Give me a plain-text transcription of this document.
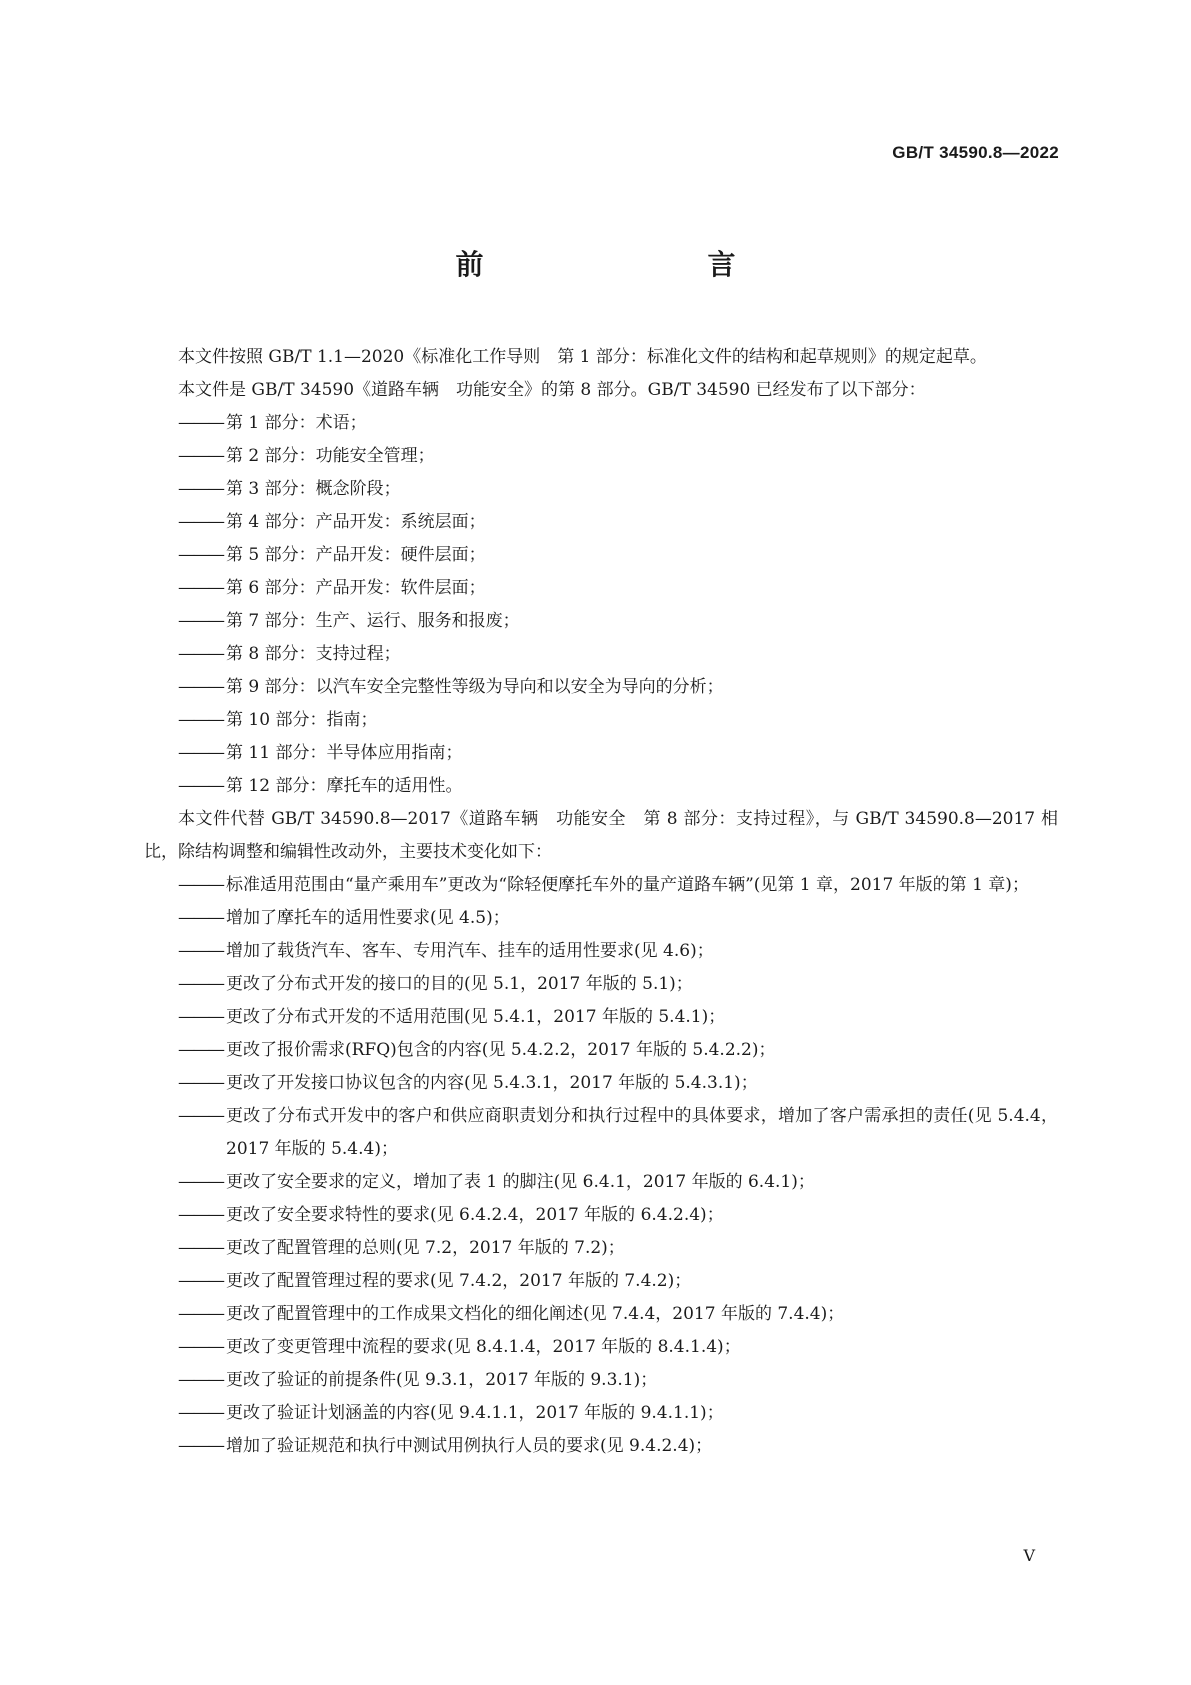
GB/T 34590.8—2022
前　　言

本文件按照 GB/T 1.1—2020《标准化工作导则　第 1 部分：标准化文件的结构和起草规则》的规定起草。

本文件是 GB/T 34590《道路车辆　功能安全》的第 8 部分。GB/T 34590 已经发布了以下部分：

——— 第 1 部分：术语；
——— 第 2 部分：功能安全管理；
——— 第 3 部分：概念阶段；
——— 第 4 部分：产品开发：系统层面；
——— 第 5 部分：产品开发：硬件层面；
——— 第 6 部分：产品开发：软件层面；
——— 第 7 部分：生产、运行、服务和报废；
——— 第 8 部分：支持过程；
——— 第 9 部分：以汽车安全完整性等级为导向和以安全为导向的分析；
——— 第 10 部分：指南；
——— 第 11 部分：半导体应用指南；
——— 第 12 部分：摩托车的适用性。

本文件代替 GB/T 34590.8—2017《道路车辆　功能安全　第 8 部分：支持过程》，与 GB/T 34590.8—2017 相比，除结构调整和编辑性改动外，主要技术变化如下：

——— 标准适用范围由“量产乘用车”更改为“除轻便摩托车外的量产道路车辆”(见第 1 章，2017 年版的第 1 章)；
——— 增加了摩托车的适用性要求(见 4.5)；
——— 增加了载货汽车、客车、专用汽车、挂车的适用性要求(见 4.6)；
——— 更改了分布式开发的接口的目的(见 5.1，2017 年版的 5.1)；
——— 更改了分布式开发的不适用范围(见 5.4.1，2017 年版的 5.4.1)；
——— 更改了报价需求(RFQ)包含的内容(见 5.4.2.2，2017 年版的 5.4.2.2)；
——— 更改了开发接口协议包含的内容(见 5.4.3.1，2017 年版的 5.4.3.1)；
——— 更改了分布式开发中的客户和供应商职责划分和执行过程中的具体要求，增加了客户需承担的责任(见 5.4.4，2017 年版的 5.4.4)；
——— 更改了安全要求的定义，增加了表 1 的脚注(见 6.4.1，2017 年版的 6.4.1)；
——— 更改了安全要求特性的要求(见 6.4.2.4，2017 年版的 6.4.2.4)；
——— 更改了配置管理的总则(见 7.2，2017 年版的 7.2)；
——— 更改了配置管理过程的要求(见 7.4.2，2017 年版的 7.4.2)；
——— 更改了配置管理中的工作成果文档化的细化阐述(见 7.4.4，2017 年版的 7.4.4)；
——— 更改了变更管理中流程的要求(见 8.4.1.4，2017 年版的 8.4.1.4)；
——— 更改了验证的前提条件(见 9.3.1，2017 年版的 9.3.1)；
——— 更改了验证计划涵盖的内容(见 9.4.1.1，2017 年版的 9.4.1.1)；
——— 增加了验证规范和执行中测试用例执行人员的要求(见 9.4.2.4)；
V
